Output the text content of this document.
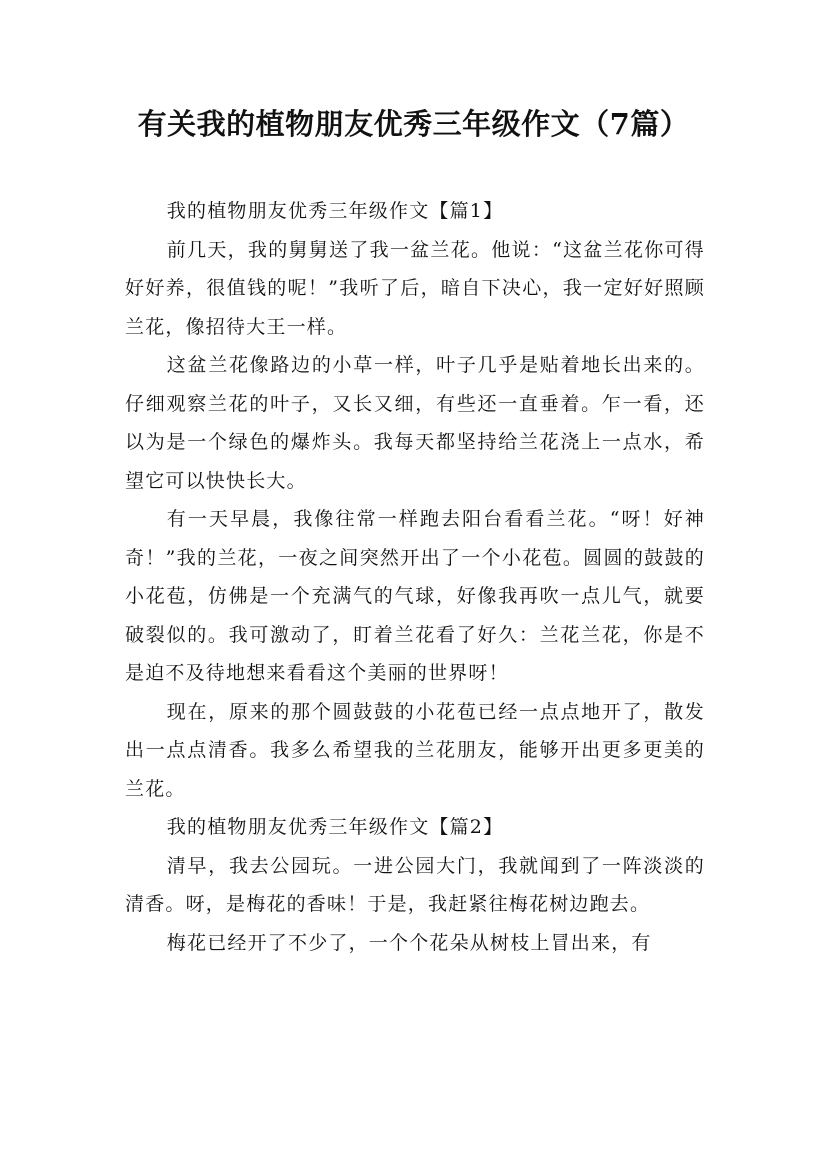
有关我的植物朋友优秀三年级作文（7篇）

我的植物朋友优秀三年级作文【篇1】

前几天，我的舅舅送了我一盆兰花。他说：“这盆兰花你可得好好养，很值钱的呢！”我听了后，暗自下决心，我一定好好照顾兰花，像招待大王一样。

这盆兰花像路边的小草一样，叶子几乎是贴着地长出来的。仔细观察兰花的叶子，又长又细，有些还一直垂着。乍一看，还以为是一个绿色的爆炸头。我每天都坚持给兰花浇上一点水，希望它可以快快长大。

有一天早晨，我像往常一样跑去阳台看看兰花。“呀！好神奇！”我的兰花，一夜之间突然开出了一个小花苞。圆圆的鼓鼓的小花苞，仿佛是一个充满气的气球，好像我再吹一点儿气，就要破裂似的。我可激动了，盯着兰花看了好久：兰花兰花，你是不是迫不及待地想来看看这个美丽的世界呀！

现在，原来的那个圆鼓鼓的小花苞已经一点点地开了，散发出一点点清香。我多么希望我的兰花朋友，能够开出更多更美的兰花。

我的植物朋友优秀三年级作文【篇2】

清早，我去公园玩。一进公园大门，我就闻到了一阵淡淡的清香。呀，是梅花的香味！于是，我赶紧往梅花树边跑去。

梅花已经开了不少了，一个个花朵从树枝上冒出来，有
